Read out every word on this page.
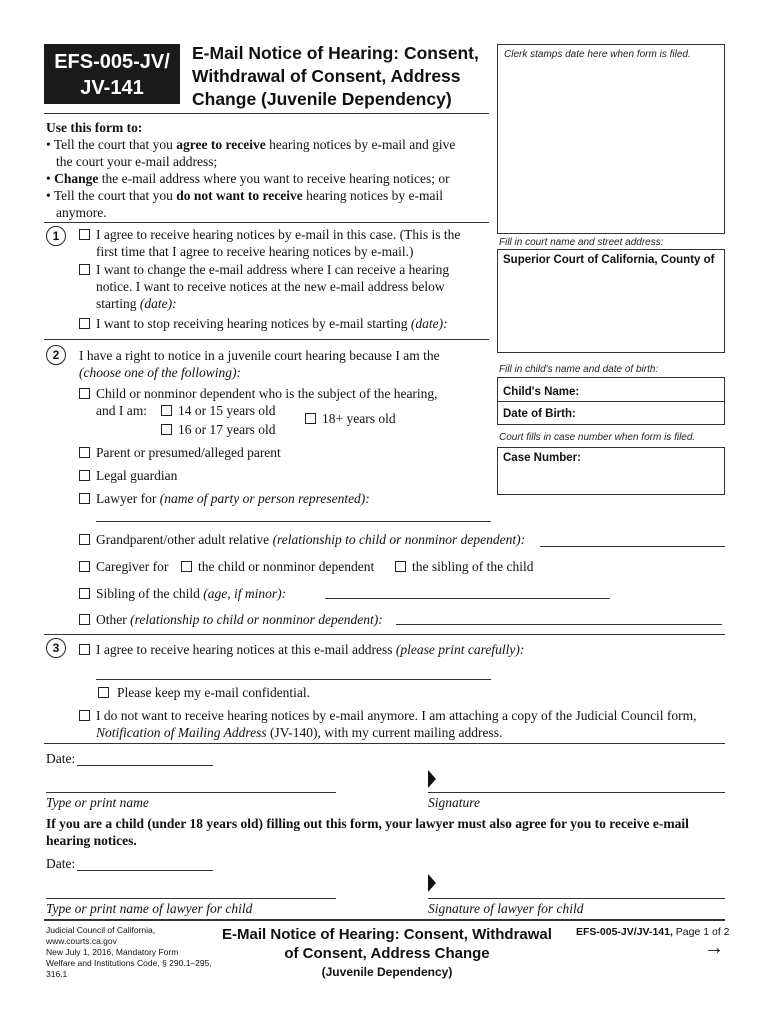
EFS-005-JV/
JV-141
E-Mail Notice of Hearing: Consent,
Withdrawal of Consent, Address
Change (Juvenile Dependency)
Clerk stamps date here when form is filed.
Fill in court name and street address:
Superior Court of California, County of
Fill in child's name and date of birth:
Child's Name:
Date of Birth:
Court fills in case number when form is filed.
Case Number:
Use this form to:
• Tell the court that you agree to receive hearing notices by e-mail and give
the court your e-mail address;
• Change the e-mail address where you want to receive hearing notices; or
• Tell the court that you do not want to receive hearing notices by e-mail
anymore.
1	I agree to receive hearing notices by e-mail in this case. (This is the
first time that I agree to receive hearing notices by e-mail.)
I want to change the e-mail address where I can receive a hearing
notice. I want to receive notices at the new e-mail address below
starting (date):
I want to stop receiving hearing notices by e-mail starting (date):
2	I have a right to notice in a juvenile court hearing because I am the
(choose one of the following):
Child or nonminor dependent who is the subject of the hearing,
and I am:	14 or 15 years old
16 or 17 years old
18+ years old
Parent or presumed/alleged parent
Legal guardian
Lawyer for (name of party or person represented):
Grandparent/other adult relative (relationship to child or nonminor dependent):
Caregiver for the child or nonminor dependent	the sibling of the child
Sibling of the child (age, if minor):
Other (relationship to child or nonminor dependent):
3	I agree to receive hearing notices at this e-mail address (please print carefully):
Please keep my e-mail confidential.
I do not want to receive hearing notices by e-mail anymore. I am attaching a copy of the Judicial Council form,
Notification of Mailing Address (JV-140), with my current mailing address.
Date:
Type or print name	Signature
If you are a child (under 18 years old) filling out this form, your lawyer must also agree for you to receive e-mail hearing notices.
Date:
Type or print name of lawyer for child	Signature of lawyer for child
Judicial Council of California, www.courts.ca.gov
New July 1, 2016, Mandatory Form
Welfare and Institutions Code, § 290.1–295, 316.1
E-Mail Notice of Hearing: Consent, Withdrawal
of Consent, Address Change
(Juvenile Dependency)
EFS-005-JV/JV-141, Page 1 of 2
→
